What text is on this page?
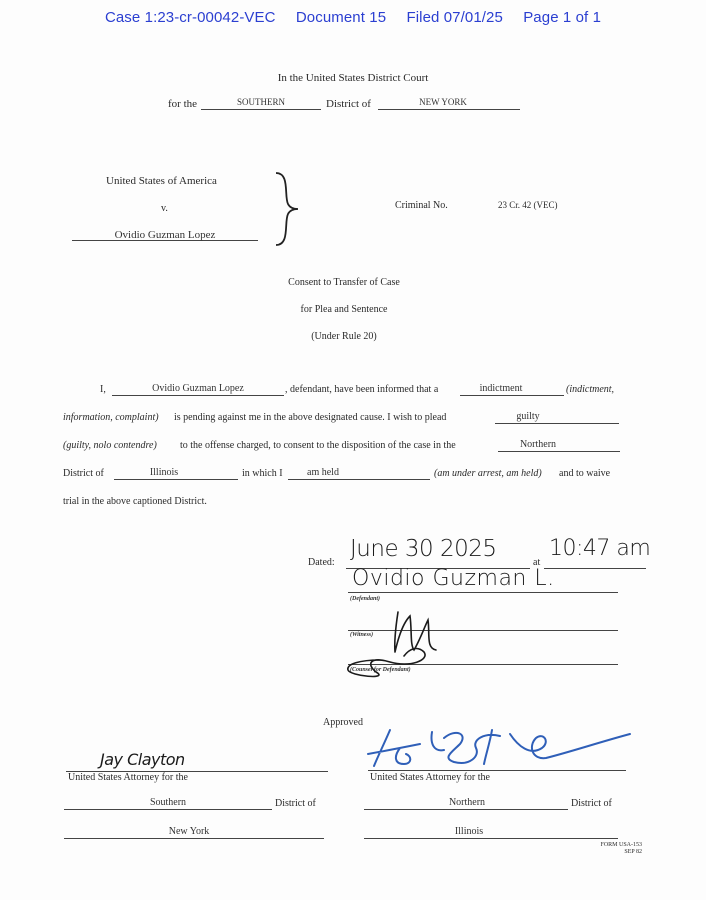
Case 1:23-cr-00042-VEC Document 15 Filed 07/01/25 Page 1 of 1
In the United States District Court
for the	SOUTHERN	District of	NEW YORK
United States of America
v.
Ovidio Guzman Lopez
Criminal No.	23 Cr. 42 (VEC)
Consent to Transfer of Case
for Plea and Sentence
(Under Rule 20)
I,	Ovidio Guzman Lopez	, defendant, have been informed that a	indictment	(indictment,
information, complaint) is pending against me in the above designated cause. I wish to plead	guilty
(guilty, nolo contendre) to the offense charged, to consent to the disposition of the case in the	Northern
District of	Illinois	in which I	am held	(am under arrest, am held) and to waive
trial in the above captioned District.
Dated:
June 30 2025
at
10:47 am
Ovidio Guzman L.
(Defendant)
(Witness)
(Counsel for Defendant)
Approved
Jay Clayton
United States Attorney for the
Southern	District of
New York
United States Attorney for the
Northern	District of
Illinois
FORM USA-153
SEP 82
